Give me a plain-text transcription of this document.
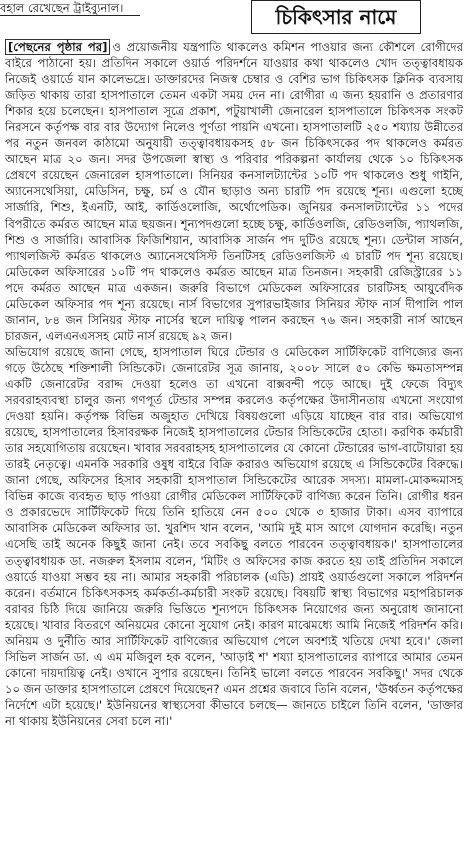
বহাল রেখেছেন ট্রাইব্যুনাল।	চিকিৎসার নামে

[পেছনের পৃষ্ঠার পর] ও প্রয়োজনীয় যন্ত্রপাতি থাকলেও কমিশন পাওয়ার জন্য কৌশলে রোগীদের বাইরে পাঠানো হয়। প্রতিদিন সকালে ওয়ার্ড পরিদর্শনে যাওয়ার কথা থাকলেও খোদ তত্ত্বাবধায়ক নিজেই ওয়ার্ডে যান কালেভদ্রে। ডাক্তারদের নিজস্ব চেম্বার ও বেশির ভাগ চিকিৎসক ক্লিনিক ব্যবসায় জড়িত থাকায় তারা হাসপাতালে তেমন একটা সময় দেন না। রোগীরা এ জন্য হয়রানি ও প্রতারণার শিকার হয়ে চলেছেন। হাসপাতাল সূত্রে প্রকাশ, পটুয়াখালী জেনারেল হাসপাতালে চিকিৎসক সংকট নিরসনে কর্তৃপক্ষ বার বার উদ্যোগ নিলেও পূর্ণতা পায়নি এখনো। হাসপাতালটি ২৫০ শয্যায় উন্নীতের পর নতুন জনবল কাঠামো অনুযায়ী তত্ত্বাবধায়কসহ ৫৮ জন চিকিৎসকের পদ থাকলেও কর্মরত আছেন মাত্র ২০ জন। সদর উপজেলা স্বাস্থ্য ও পরিবার পরিকল্পনা কার্যালয় থেকে ১০ চিকিৎসক প্রেষণে রয়েছেন জেনারেল হাসপাতালে। সিনিয়র কনসালট্যান্টের ১০টি পদ থাকলেও শুধু গাইনি, অ্যানেসথেসিয়া, মেডিসিন, চক্ষু, চর্ম ও যৌন ছাড়াও অন্য চারটি পদ রয়েছে শূন্য। এগুলো হচ্ছে সার্জারি, শিশু, ইএনটি, আই, কার্ডিওলোজি, অর্থোপেডিক। জুনিয়র কনসালট্যান্টের ১১ পদের বিপরীতে কর্মরত আছেন মাত্র ছয়জন। শূন্যপদগুলো হচ্ছে চক্ষু, কার্ডিওলজি, রেডিওলজি, প্যাথলজি, শিশু ও সার্জারি। আবাসিক ফিজিশিয়ান, আবাসিক সার্জন পদ দুটিও রয়েছে শূন্য। ডেন্টাল সার্জন, প্যাথলজিস্ট কর্মরত থাকলেও অ্যানেসথেসিস্ট তিনটিসহ রেডিওলজিস্ট এ চারটি পদ শূন্য রয়েছে। মেডিকেল অফিসারের ১০টি পদ থাকলেও কর্মরত আছেন মাত্র তিনজন। সহকারী রেজিস্ট্রারের ১১ পদে কর্মরত আছেন মাত্র একজন। জরুরি বিভাগে মেডিকেল অফিসারের চারটিসহ আয়ুর্বেদিক মেডিকেল অফিসার পদ শূন্য রয়েছে। নার্স বিভাগের সুপারভাইজার সিনিয়র স্টাফ নার্স দীপালি পাল জানান, ৮৪ জন সিনিয়র স্টাফ নার্সের স্থলে দায়িত্ব পালন করছেন ৭৬ জন। সহকারী নার্স আছেন চারজন, এলএনএসসহ মোট নার্স রয়েছে ৯২ জন।

অভিযোগ রয়েছে জানা গেছে, হাসপাতাল ঘিরে টেন্ডার ও মেডিকেল সার্টিফিকেট বাণিজ্যের জন্য গড়ে উঠেছে শক্তিশালী সিন্ডিকেট। জেনারেটর সূত্র জানায়, ২০০৮ সালে ৫০ কেভি ক্ষমতাসম্পন্ন একটি জেনারেটর বরাদ্দ দেওয়া হলেও তা এখনো বাক্সবন্দী পড়ে আছে। দুই ফেজে বিদ্যুৎ সরবরাহব্যবস্থা চালুর জন্য গণপূর্ত টেন্ডার সম্পন্ন করলেও কর্তৃপক্ষের উদাসীনতায় এখনো সংযোগ দেওয়া হয়নি। কর্তৃপক্ষ বিভিন্ন অজুহাত দেখিয়ে বিষয়গুলো এড়িয়ে যাচ্ছেন বার বার। অভিযোগ রয়েছে, হাসপাতালের হিসাবরক্ষক নিজেই হাসপাতালের টেন্ডার সিন্ডিকেটের হোতা। করণিক কর্মচারী তার সহযোগিতায় রয়েছেন। খাবার সরবরাহসহ হাসপাতালের যে কোনো টেন্ডারের ভাগ-বাটোয়ারা হয় তারই নেতৃত্বে। এমনকি সরকারি ওষুধ বাইরে বিক্রি করারও অভিযোগ রয়েছে এ সিন্ডিকেটের বিরুদ্ধে। জানা গেছে, অফিসের হিসাব সহকারী হাসপাতাল সিন্ডিকেটের আরেক সদস্য। মামলা-মোকদ্দমাসহ বিভিন্ন কাজে ব্যবহৃত ছাড় পাওয়া রোগীর মেডিকেল সার্টিফিকেট বাণিজ্য করেন তিনি। রোগীর ধরন ও প্রকারভেদে সার্টিফিকেট দিয়ে তিনি হাতিয়ে নেন ৫০০ থেকে ৩ হাজার টাকা। এসব ব্যাপারে আবাসিক মেডিকেল অফিসার ডা. খুরশিদ খান বলেন, 'আমি দুই মাস আগে যোগদান করেছি। নতুন এসেছি তাই অনেক কিছুই জানা নেই। তবে সবকিছু বলতে পারবেন তত্ত্বাবধায়ক।' হাসপাতালের তত্ত্বাবধায়ক ডা. নজরুল ইসলাম বলেন, 'মিটিং ও অফিসের কাজ করতে হয় তাই প্রতিদিন সকালে ওয়ার্ডে যাওয়া সম্ভব হয় না। আমার সহকারী পরিচালক (এডি) প্রায়ই ওয়ার্ডগুলো সকালে পরিদর্শন করেন। বর্তমানে চিকিৎসকসহ কর্মকর্তা-কর্মচারী সংকট রয়েছে। বিষয়টি স্বাস্থ্য বিভাগের মহাপরিচালক বরাবর চিঠি দিয়ে জানিয়ে জরুরি ভিত্তিতে শূন্যপদে চিকিৎসক নিয়োগের জন্য অনুরোধ জানানো হয়েছে। খাবার বিতরণে অনিয়মের কোনো সুযোগ নেই। কারণ মাঝেমধ্যে আমি নিজেই পরিদর্শন করি। অনিয়ম ও দুর্নীতি আর সার্টিফিকেট বাণিজ্যের অভিযোগ পেলে অবশ্যই খতিয়ে দেখা হবে।' জেলা সিভিল সার্জন ডা. এ এম মজিবুল হক বলেন, 'আড়াই শ' শয্যা হাসপাতালের ব্যাপারে আমার তেমন কোনো দায়দায়িত্ব নেই। ওখানে সুপার রয়েছেন। তিনিই ভালো বলতে পারবেন সবকিছু।' সদর থেকে ১০ জন ডাক্তার হাসপাতালে প্রেষণে দিয়েছেন? এমন প্রশ্নের জবাবে তিনি বলেন, 'ঊর্ধ্বতন কর্তৃপক্ষের নির্দেশে এটা হয়েছে।' ইউনিয়নের স্বাস্থ্যসেবা কীভাবে চলছে— জানতে চাইলে তিনি বলেন, 'ডাক্তার না থাকায় ইউনিয়নের সেবা চলে না।'
